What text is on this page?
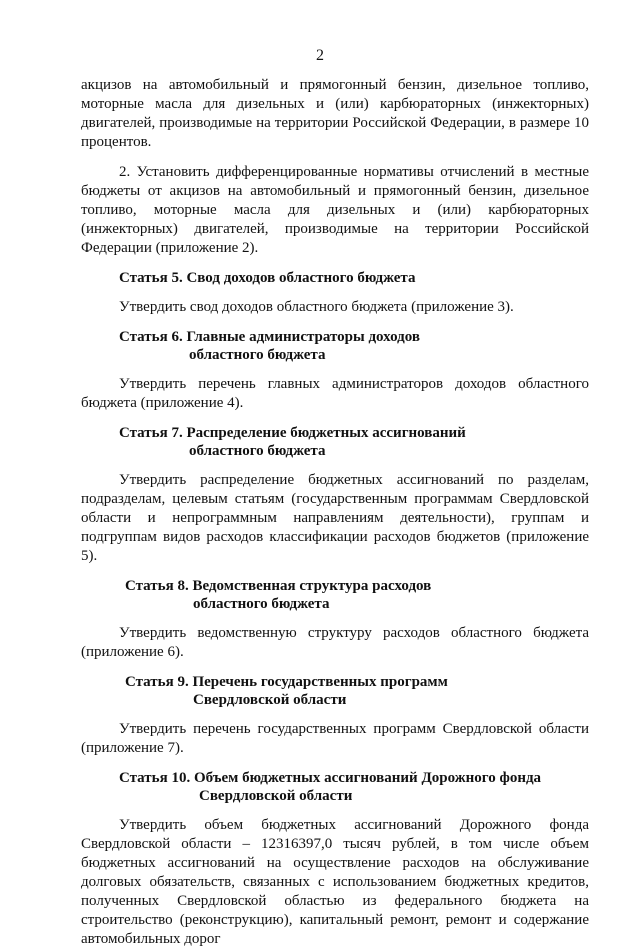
2

акцизов на автомобильный и прямогонный бензин, дизельное топливо, моторные масла для дизельных и (или) карбюраторных (инжекторных) двигателей, производимые на территории Российской Федерации, в размере 10 процентов.

2. Установить дифференцированные нормативы отчислений в местные бюджеты от акцизов на автомобильный и прямогонный бензин, дизельное топливо, моторные масла для дизельных и (или) карбюраторных (инжекторных) двигателей, производимые на территории Российской Федерации (приложение 2).

Статья 5. Свод доходов областного бюджета

Утвердить свод доходов областного бюджета (приложение 3).

Статья 6. Главные администраторы доходов
областного бюджета

Утвердить перечень главных администраторов доходов областного бюджета (приложение 4).

Статья 7. Распределение бюджетных ассигнований
областного бюджета

Утвердить распределение бюджетных ассигнований по разделам, подразделам, целевым статьям (государственным программам Свердловской области и непрограммным направлениям деятельности), группам и подгруппам видов расходов классификации расходов бюджетов (приложение 5).

Статья 8. Ведомственная структура расходов
областного бюджета

Утвердить ведомственную структуру расходов областного бюджета (приложение 6).

Статья 9. Перечень государственных программ
Свердловской области

Утвердить перечень государственных программ Свердловской области (приложение 7).

Статья 10. Объем бюджетных ассигнований Дорожного фонда
Свердловской области

Утвердить объем бюджетных ассигнований Дорожного фонда Свердловской области – 12316397,0 тысяч рублей, в том числе объем бюджетных ассигнований на осуществление расходов на обслуживание долговых обязательств, связанных с использованием бюджетных кредитов, полученных Свердловской областью из федерального бюджета на строительство (реконструкцию), капитальный ремонт, ремонт и содержание автомобильных дорог
